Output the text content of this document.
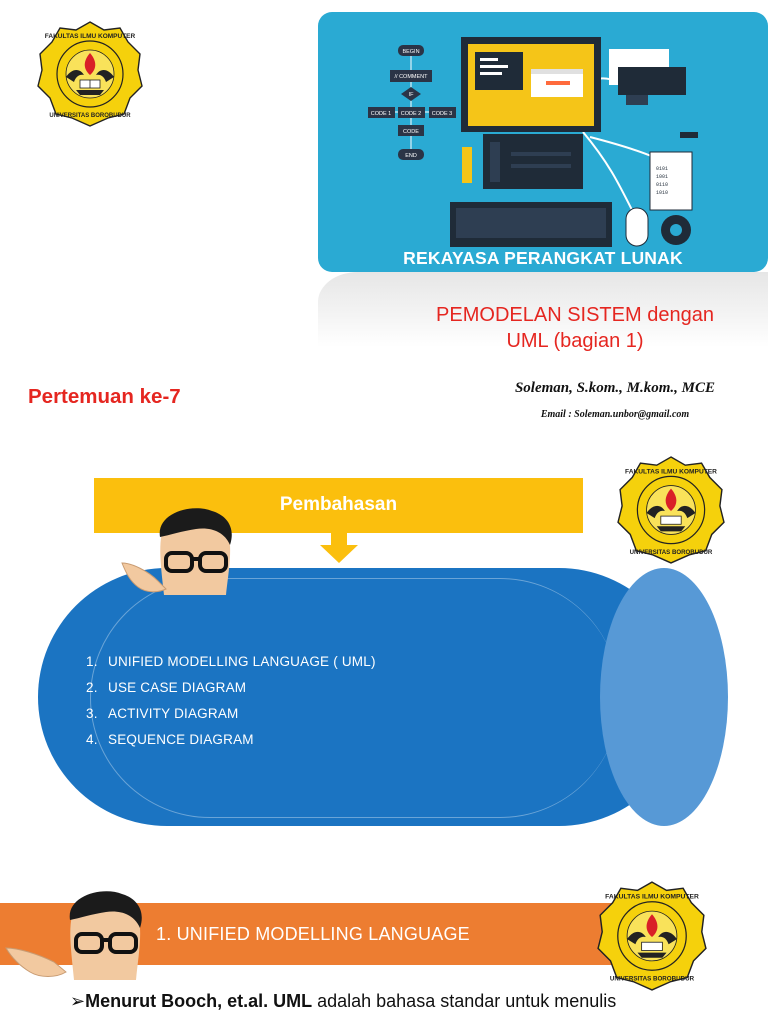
FAKULTAS ILMU KOMPUTER
UNIVERSITAS BOROBUDUR
BEGIN
// COMMENT
IF
CODE 1 CODE 2 CODE 3
CODE
END
0101
1001
0110
1010
REKAYASA PERANGKAT LUNAK
PEMODELAN SISTEM dengan
UML (bagian 1)
Pertemuan ke-7	Soleman, S.kom., M.kom., MCE
Email : Soleman.unbor@gmail.com
Pembahasan
1. UNIFIED MODELLING LANGUAGE ( UML)
2. USE CASE DIAGRAM
3. ACTIVITY DIAGRAM
4. SEQUENCE DIAGRAM
FAKULTAS ILMU KOMPUTER
UNIVERSITAS BOROBUDUR
1. UNIFIED MODELLING LANGUAGE
FAKULTAS ILMU KOMPUTER
UNIVERSITAS BOROBUDUR
➢Menurut Booch, et.al. UML adalah bahasa standar untuk menulis
